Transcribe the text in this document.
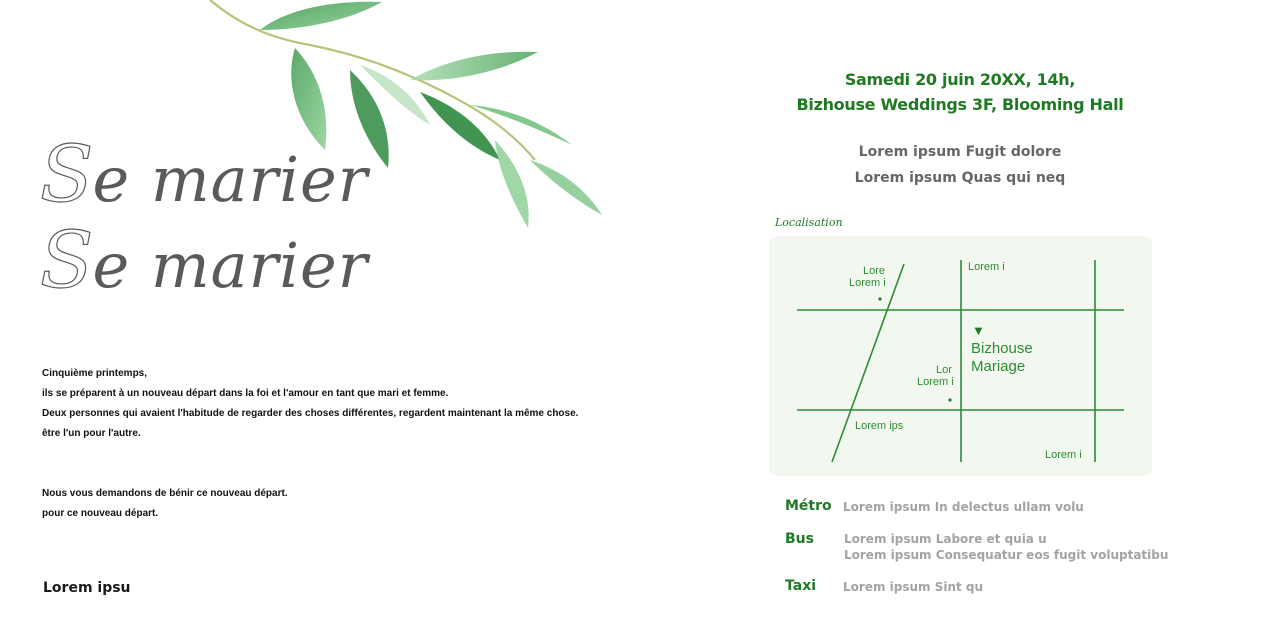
Se marier
Se marier
Cinquième printemps,
ils se préparent à un nouveau départ dans la foi et l'amour en tant que mari et femme.
Deux personnes qui avaient l'habitude de regarder des choses différentes, regardent maintenant la même chose.
être l'un pour l'autre.
Nous vous demandons de bénir ce nouveau départ.
pour ce nouveau départ.
Lorem ipsu
Samedi 20 juin 20XX, 14h,
Bizhouse Weddings 3F, Blooming Hall
Lorem ipsum Fugit dolore
Lorem ipsum Quas qui neq
Localisation
Lore
Lorem i
Lorem i
Lor
Lorem i
Lorem ips
Lorem i
▼
Bizhouse
Mariage
Métro Lorem ipsum In delectus ullam volu
Bus	Lorem ipsum Labore et quia u
Lorem ipsum Consequatur eos fugit voluptatibu
Taxi Lorem ipsum Sint qu
